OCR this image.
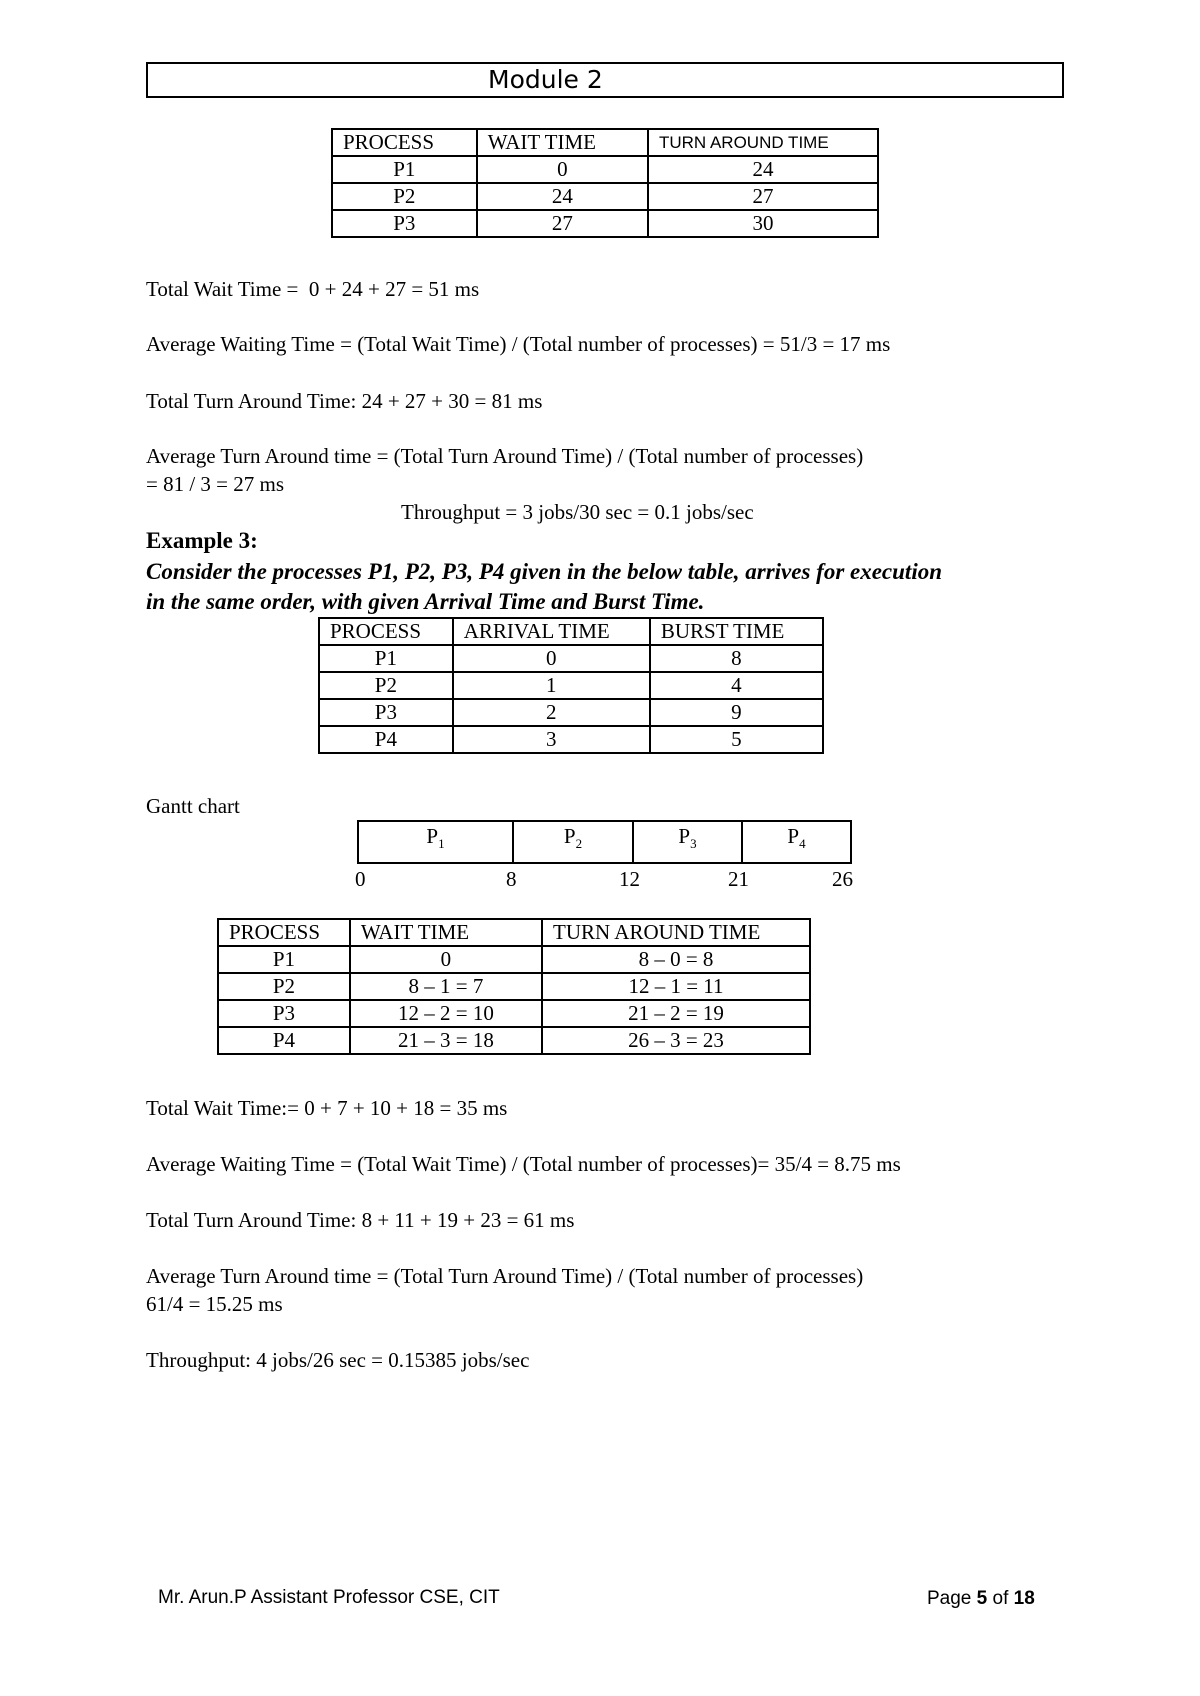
Module 2
PROCESS	WAIT TIME	TURN AROUND TIME
P1	0	24
P2	24	27
P3	27	30
Total Wait Time =  0 + 24 + 27 = 51 ms
Average Waiting Time = (Total Wait Time) / (Total number of processes) = 51/3 = 17 ms
Total Turn Around Time: 24 + 27 + 30 = 81 ms
Average Turn Around time = (Total Turn Around Time) / (Total number of processes)
= 81 / 3 = 27 ms
Throughput = 3 jobs/30 sec = 0.1 jobs/sec
Example 3:
Consider the processes P1, P2, P3, P4 given in the below table, arrives for execution
in the same order, with given Arrival Time and Burst Time.
PROCESS	ARRIVAL TIME	BURST TIME
P1	0	8
P2	1	4
P3	2	9
P4	3	5
Gantt chart
$P_1$	$P_2$	$P_3$	$P_4$
0	8	12	21	26
PROCESS	WAIT TIME	TURN AROUND TIME
P1	0	8 – 0 = 8
P2	8 – 1 = 7	12 – 1 = 11
P3	12 – 2 = 10	21 – 2 = 19
P4	21 – 3 = 18	26 – 3 = 23
Total Wait Time:= 0 + 7 + 10 + 18 = 35 ms
Average Waiting Time = (Total Wait Time) / (Total number of processes)= 35/4 = 8.75 ms
Total Turn Around Time: 8 + 11 + 19 + 23 = 61 ms
Average Turn Around time = (Total Turn Around Time) / (Total number of processes)
61/4 = 15.25 ms
Throughput: 4 jobs/26 sec = 0.15385 jobs/sec
Mr. Arun.P Assistant Professor CSE, CIT	Page 5 of 18
